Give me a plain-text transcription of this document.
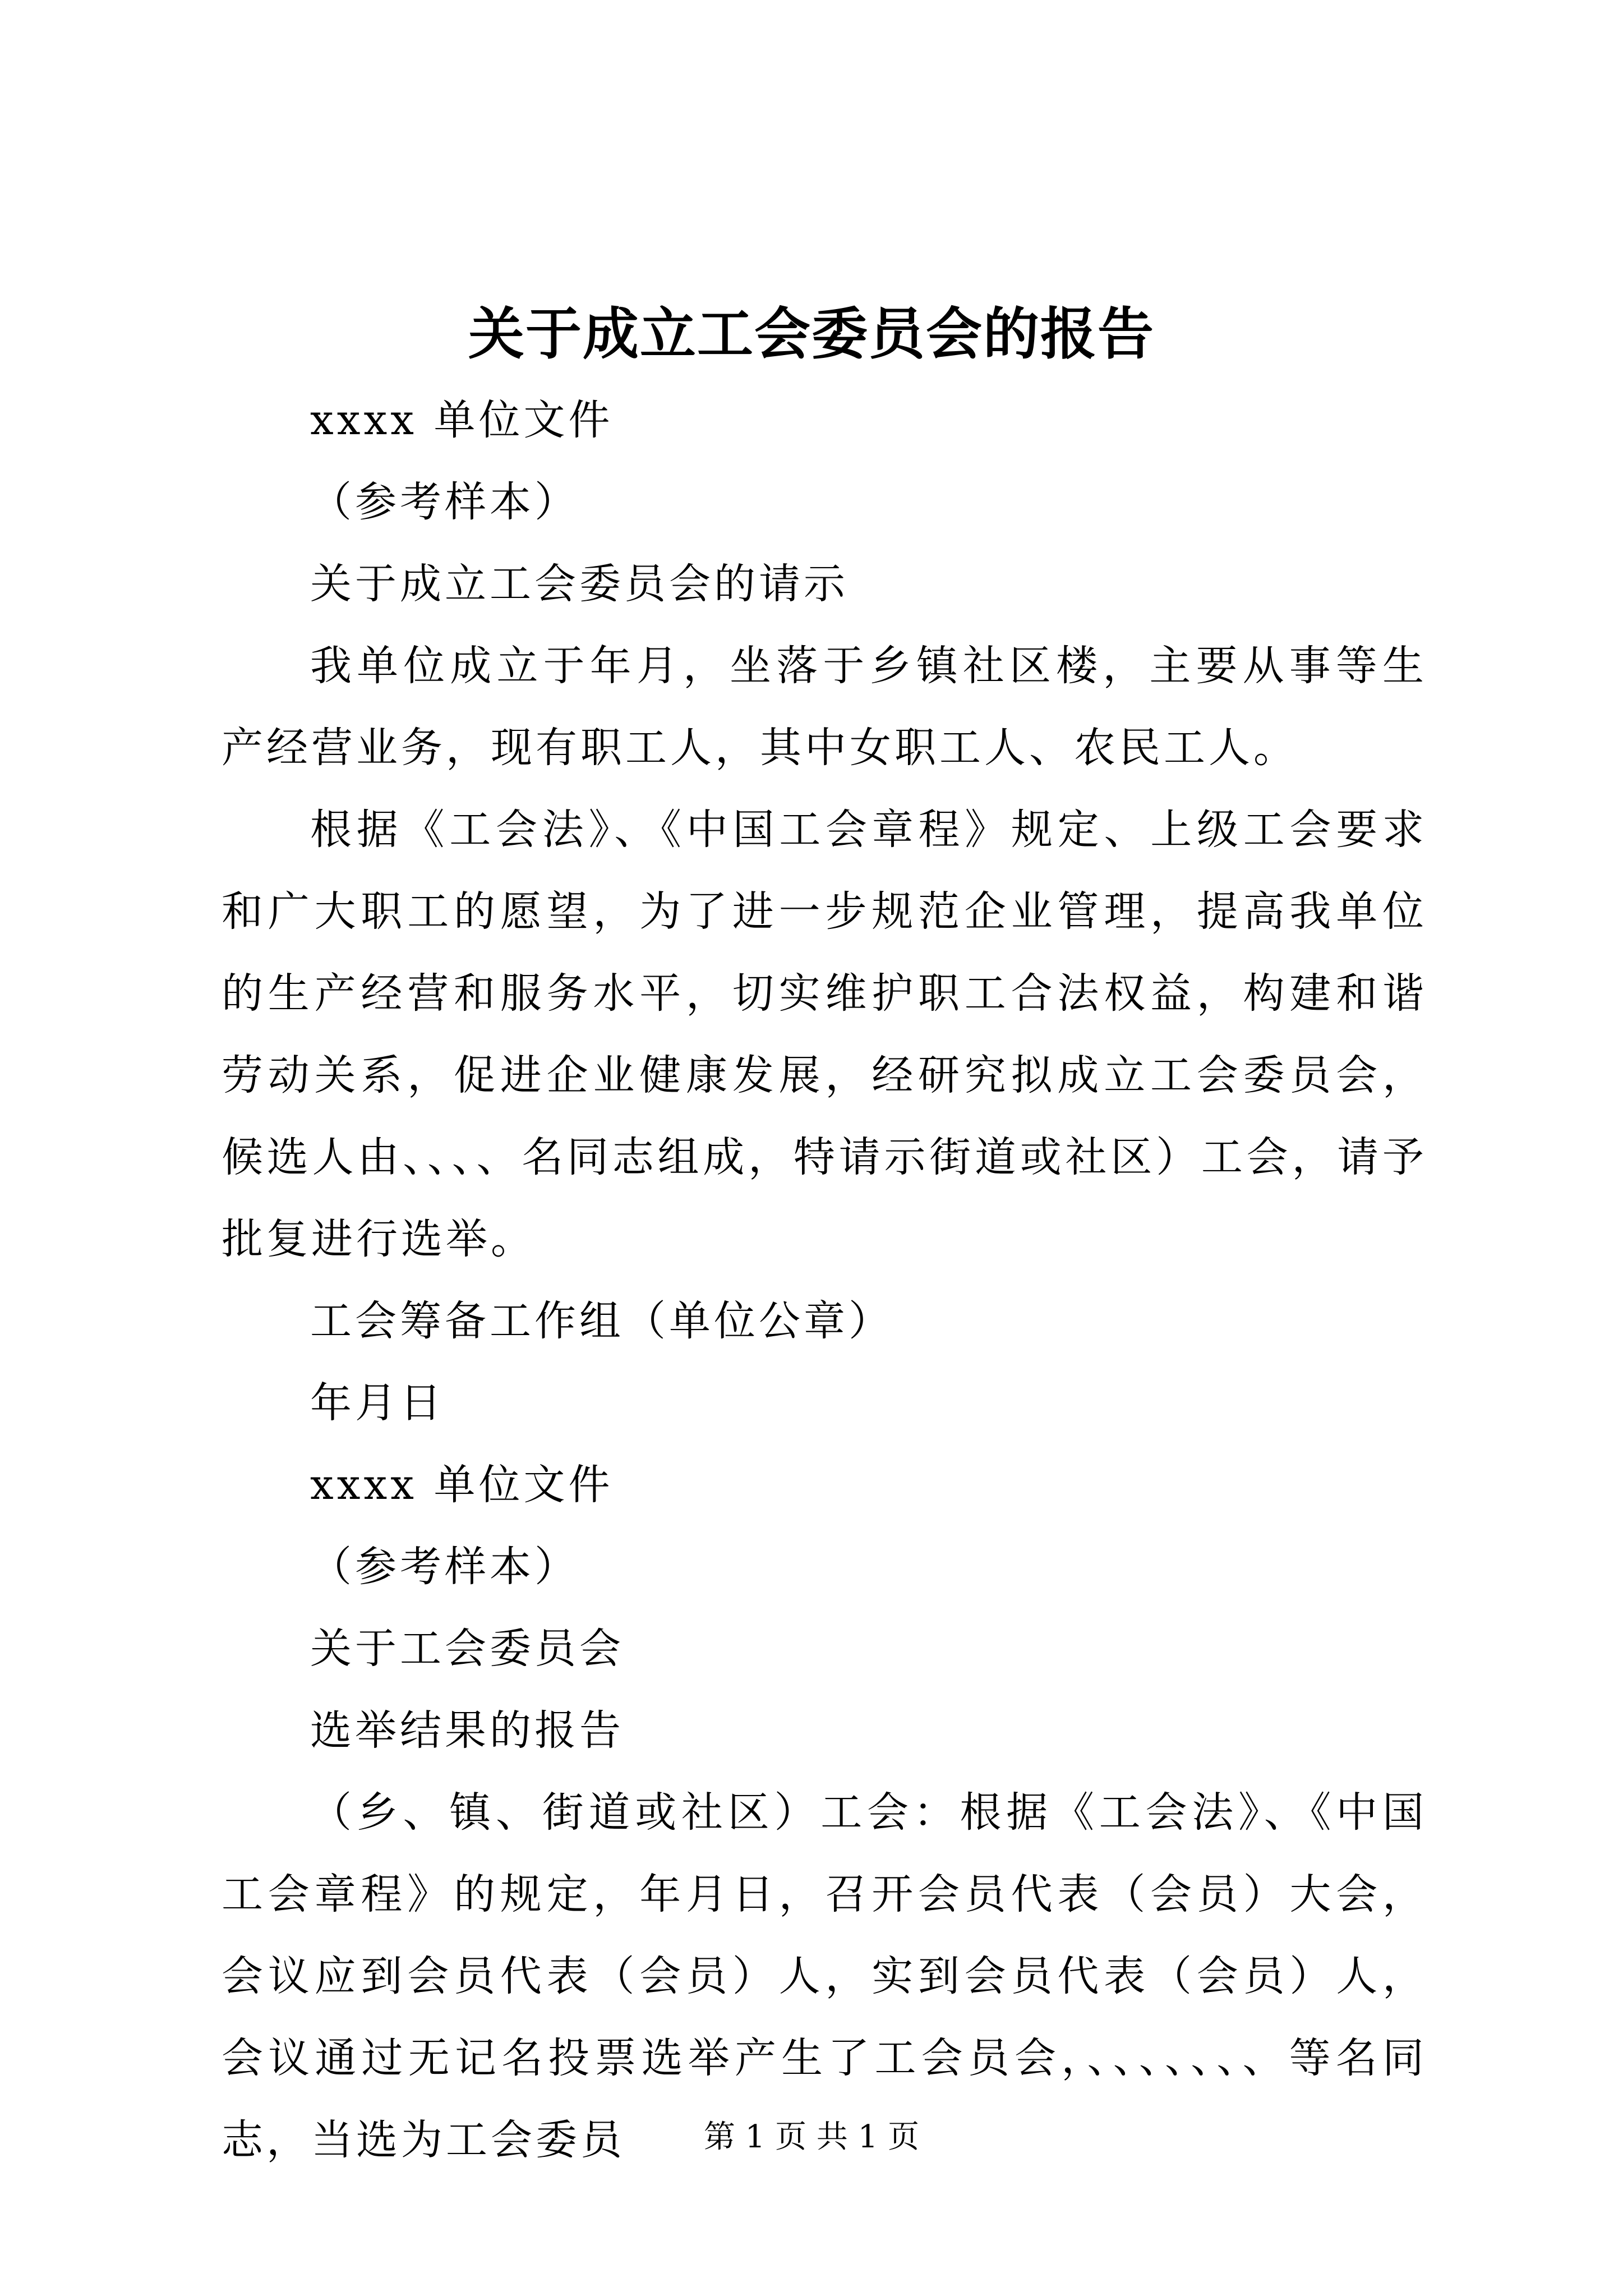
关于成立工会委员会的报告

xxxx 单位文件

（参考样本）

关于成立工会委员会的请示

我单位成立于年月，坐落于乡镇社区楼，主要从事等生产经营业务，现有职工人，其中女职工人、农民工人。

根据《工会法》、《中国工会章程》规定、上级工会要求和广大职工的愿望，为了进一步规范企业管理，提高我单位的生产经营和服务水平，切实维护职工合法权益，构建和谐劳动关系，促进企业健康发展，经研究拟成立工会委员会，候选人由、、、、名同志组成，特请示街道或社区）工会，请予批复进行选举。

工会筹备工作组（单位公章）

年月日

xxxx 单位文件

（参考样本）

关于工会委员会

选举结果的报告

（乡、镇、街道或社区）工会：根据《工会法》、《中国工会章程》的规定，年月日，召开会员代表（会员）大会，会议应到会员代表（会员）人，实到会员代表（会员）人，会议通过无记名投票选举产生了工会员会，、、、、、、、等名同志，当选为工会委员	第 1 页 共 1 页
